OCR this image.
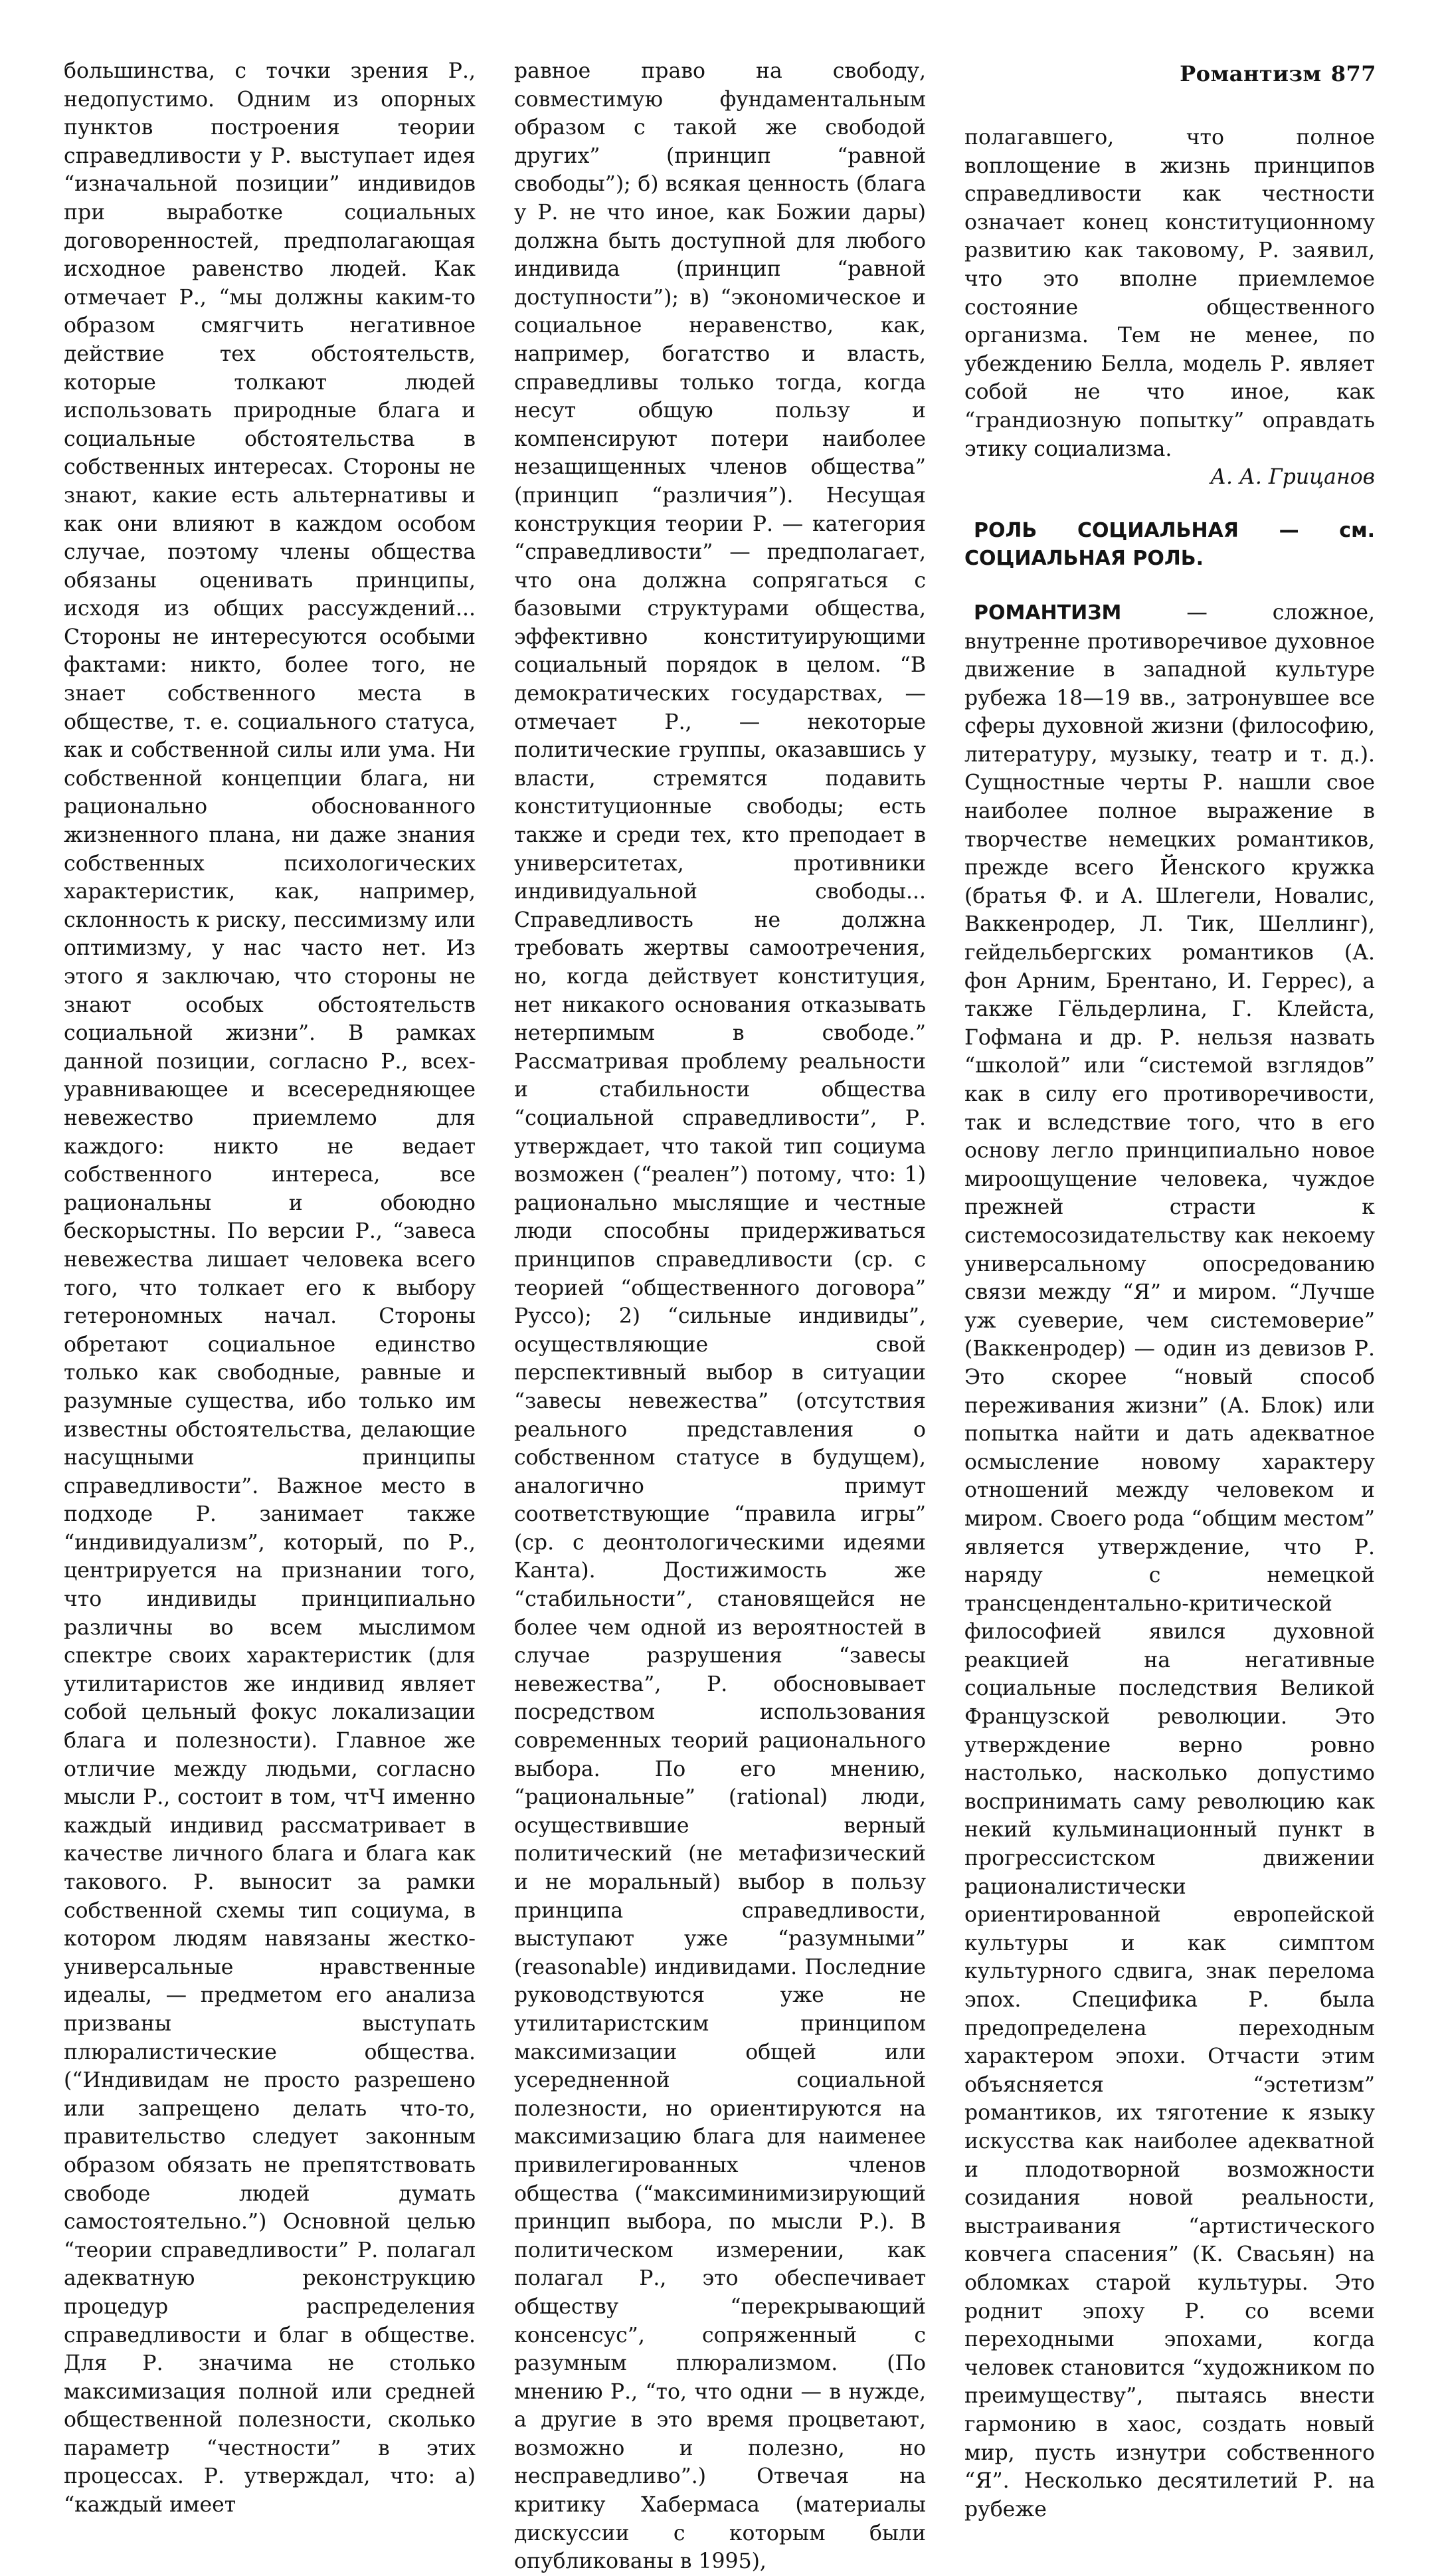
Романтизм 877

большинства, с точки зрения Р., недопустимо. Одним из опорных пунктов построения теории справедливости у Р. выступает идея “изначальной позиции” индивидов при выработке социальных договоренностей, предполагающая исходное равенство людей. Как отмечает Р., “мы должны каким-то образом смягчить негативное действие тех обстоятельств, которые толкают людей использовать природные блага и социальные обстоятельства в собственных интересах. Стороны не знают, какие есть альтернативы и как они влияют в каждом особом случае, поэтому члены общества обязаны оценивать принципы, исходя из общих рассуждений... Стороны не интересуются особыми фактами: никто, более того, не знает собственного места в обществе, т. е. социального статуса, как и собственной силы или ума. Ни собственной концепции блага, ни рационально обоснованного жизненного плана, ни даже знания собственных психологических характеристик, как, например, склонность к риску, пессимизму или оптимизму, у нас часто нет. Из этого я заключаю, что стороны не знают особых обстоятельств социальной жизни”. В рамках данной позиции, согласно Р., всех-уравнивающее и всесередняющее невежество приемлемо для каждого: никто не ведает собственного интереса, все рациональны и обоюдно бескорыстны. По версии Р., “завеса невежества лишает человека всего того, что толкает его к выбору гетерономных начал. Стороны обретают социальное единство только как свободные, равные и разумные существа, ибо только им известны обстоятельства, делающие насущными принципы справедливости”. Важное место в подходе Р. занимает также “индивидуализм”, который, по Р., центрируется на признании того, что индивиды принципиально различны во всем мыслимом спектре своих характеристик (для утилитаристов же индивид являет собой цельный фокус локализации блага и полезности). Главное же отличие между людьми, согласно мысли Р., состоит в том, чтЧ именно каждый индивид рассматривает в качестве личного блага и блага как такового. Р. выносит за рамки собственной схемы тип социума, в котором людям навязаны жестко-универсальные нравственные идеалы, — предметом его анализа призваны выступать плюралистические общества. (“Индивидам не просто разрешено или запрещено делать что-то, правительство следует законным образом обязать не препятствовать свободе людей думать самостоятельно.”) Основной целью “теории справедливости” Р. полагал адекватную реконструкцию процедур распределения справедливости и благ в обществе. Для Р. значима не столько максимизация полной или средней общественной полезности, сколько параметр “честности” в этих процессах. Р. утверждал, что: а) “каждый имеет

равное право на свободу, совместимую фундаментальным образом с такой же свободой других” (принцип “равной свободы”); б) всякая ценность (блага у Р. не что иное, как Божии дары) должна быть доступной для любого индивида (принцип “равной доступности”); в) “экономическое и социальное неравенство, как, например, богатство и власть, справедливы только тогда, когда несут общую пользу и компенсируют потери наиболее незащищенных членов общества” (принцип “различия”). Несущая конструкция теории Р. — категория “справедливости” — предполагает, что она должна сопрягаться с базовыми структурами общества, эффективно конституирующими социальный порядок в целом. “В демократических государствах, — отмечает Р., — некоторые политические группы, оказавшись у власти, стремятся подавить конституционные свободы; есть также и среди тех, кто преподает в университетах, противники индивидуальной свободы... Справедливость не должна требовать жертвы самоотречения, но, когда действует конституция, нет никакого основания отказывать нетерпимым в свободе.” Рассматривая проблему реальности и стабильности общества “социальной справедливости”, Р. утверждает, что такой тип социума возможен (“реален”) потому, что: 1) рационально мыслящие и честные люди способны придерживаться принципов справедливости (ср. с теорией “общественного договора” Руссо); 2) “сильные индивиды”, осуществляющие свой перспективный выбор в ситуации “завесы невежества” (отсутствия реального представления о собственном статусе в будущем), аналогично примут соответствующие “правила игры” (ср. с деонтологическими идеями Канта). Достижимость же “стабильности”, становящейся не более чем одной из вероятностей в случае разрушения “завесы невежества”, Р. обосновывает посредством использования современных теорий рационального выбора. По его мнению, “рациональные” (rational) люди, осуществившие верный политический (не метафизический и не моральный) выбор в пользу принципа справедливости, выступают уже “разумными” (reasonable) индивидами. Последние руководствуются уже не утилитаристским принципом максимизации общей или усередненной социальной полезности, но ориентируются на максимизацию блага для наименее привилегированных членов общества (“максиминимизирующий принцип выбора, по мысли Р.). В политическом измерении, как полагал Р., это обеспечивает обществу “перекрывающий консенсус”, сопряженный с разумным плюрализмом. (По мнению Р., “то, что одни — в нужде, а другие в это время процветают, возможно и полезно, но несправедливо”.) Отвечая на критику Хабермаса (материалы дискуссии с которым были опубликованы в 1995),

полагавшего, что полное воплощение в жизнь принципов справедливости как честности означает конец конституционному развитию как таковому, Р. заявил, что это вполне приемлемое состояние общественного организма. Тем не менее, по убеждению Белла, модель Р. являет собой не что иное, как “грандиозную попытку” оправдать этику социализма.

А. А. Грицанов

РОЛЬ СОЦИАЛЬНАЯ — см. СОЦИАЛЬНАЯ РОЛЬ.

РОМАНТИЗМ — сложное, внутренне противоречивое духовное движение в западной культуре рубежа 18—19 вв., затронувшее все сферы духовной жизни (философию, литературу, музыку, театр и т. д.). Сущностные черты Р. нашли свое наиболее полное выражение в творчестве немецких романтиков, прежде всего Йенского кружка (братья Ф. и А. Шлегели, Новалис, Ваккенродер, Л. Тик, Шеллинг), гейдельбергских романтиков (А. фон Арним, Брентано, И. Геррес), а также Гёльдерлина, Г. Клейста, Гофмана и др. Р. нельзя назвать “школой” или “системой взглядов” как в силу его противоречивости, так и вследствие того, что в его основу легло принципиально новое мироощущение человека, чуждое прежней страсти к системосозидательству как некоему универсальному опосредованию связи между “Я” и миром. “Лучше уж суеверие, чем системоверие” (Ваккенродер) — один из девизов Р. Это скорее “новый способ переживания жизни” (А. Блок) или попытка найти и дать адекватное осмысление новому характеру отношений между человеком и миром. Своего рода “общим местом” является утверждение, что Р. наряду с немецкой трансцендентально-критической философией явился духовной реакцией на негативные социальные последствия Великой Французской революции. Это утверждение верно ровно настолько, насколько допустимо воспринимать саму революцию как некий кульминационный пункт в прогрессистском движении рационалистически ориентированной европейской культуры и как симптом культурного сдвига, знак перелома эпох. Специфика Р. была предопределена переходным характером эпохи. Отчасти этим объясняется “эстетизм” романтиков, их тяготение к языку искусства как наиболее адекватной и плодотворной возможности созидания новой реальности, выстраивания “артистического ковчега спасения” (К. Свасьян) на обломках старой культуры. Это роднит эпоху Р. со всеми переходными эпохами, когда человек становится “художником по преимуществу”, пытаясь внести гармонию в хаос, создать новый мир, пусть изнутри собственного “Я”. Несколько десятилетий Р. на рубеже
